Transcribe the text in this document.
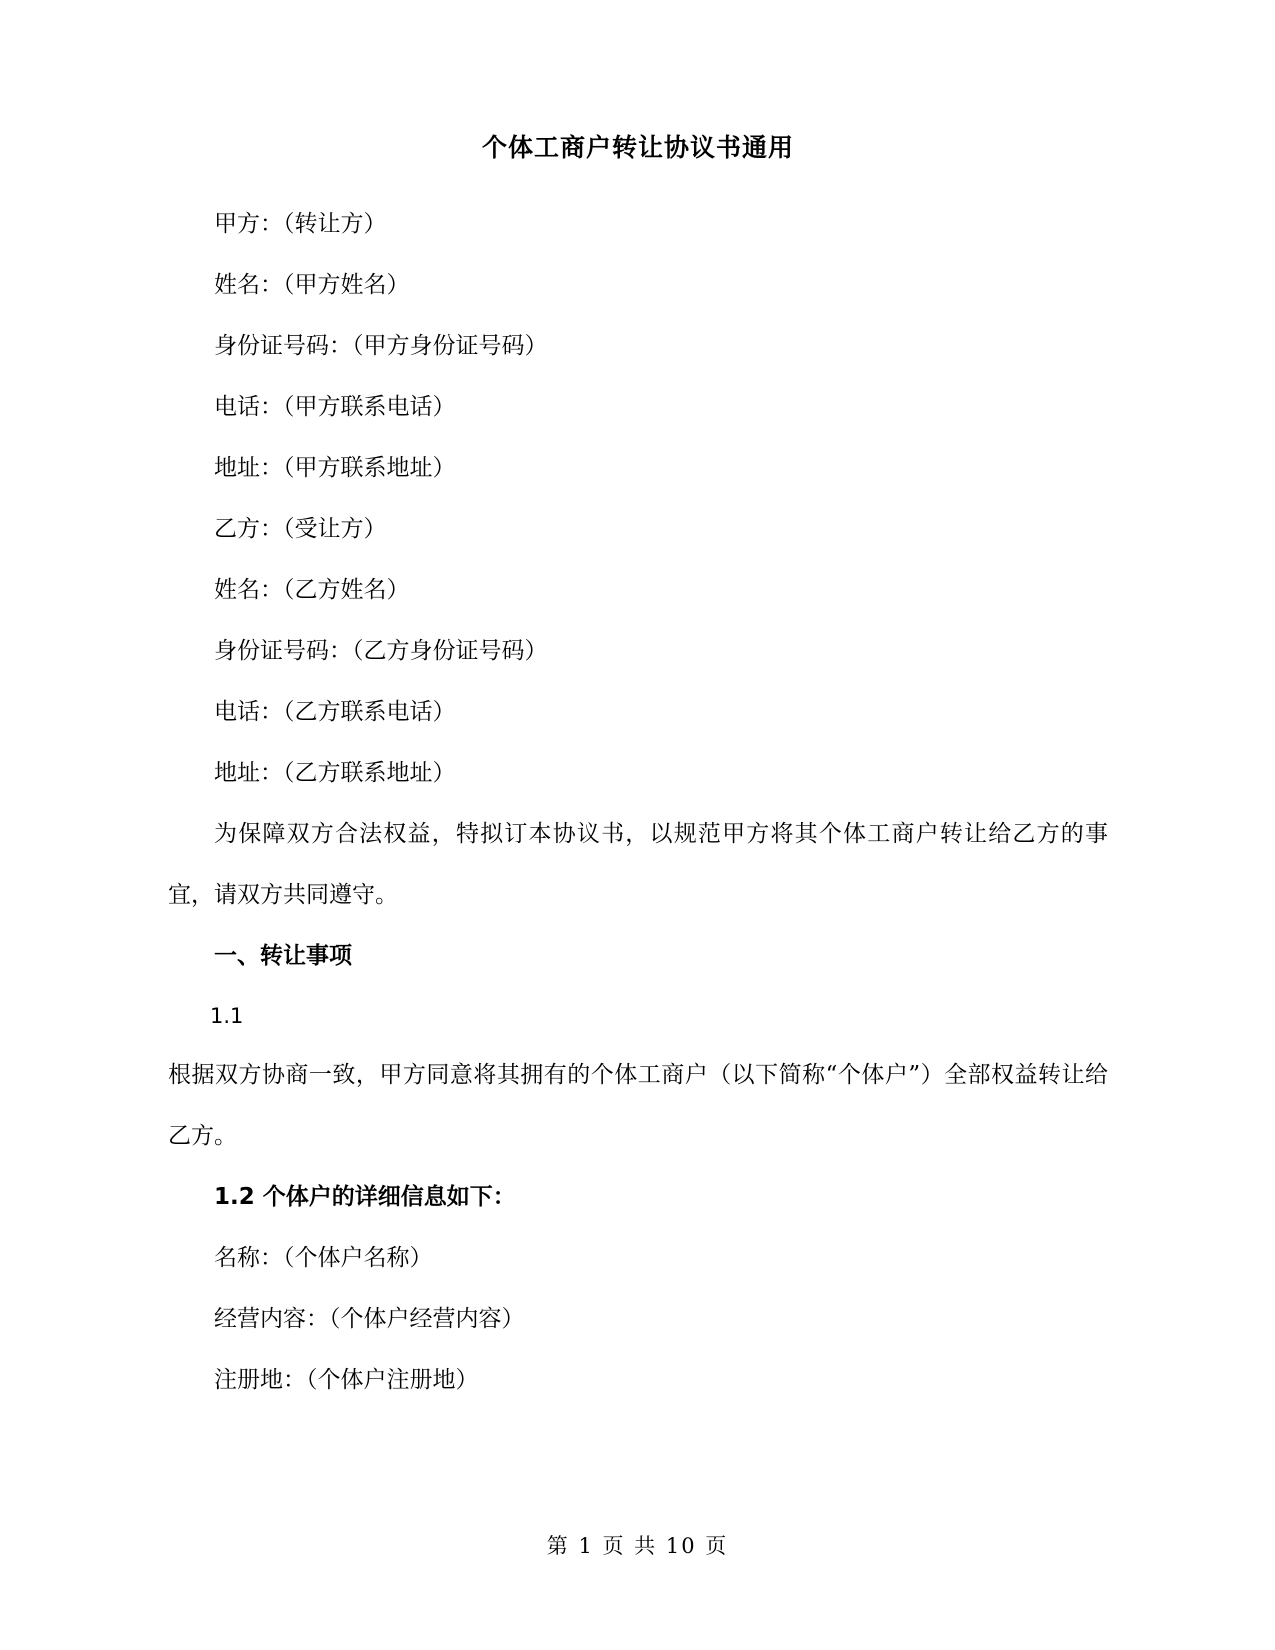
个体工商户转让协议书通用
甲方：（转让方）
姓名：（甲方姓名）
身份证号码：（甲方身份证号码）
电话：（甲方联系电话）
地址：（甲方联系地址）
乙方：（受让方）
姓名：（乙方姓名）
身份证号码：（乙方身份证号码）
电话：（乙方联系电话）
地址：（乙方联系地址）
为保障双方合法权益，特拟订本协议书，以规范甲方将其个体工商户转让给乙方的事宜，请双方共同遵守。
一、转让事项
1.1
根据双方协商一致，甲方同意将其拥有的个体工商户（以下简称“个体户”）全部权益转让给乙方。
1.2 个体户的详细信息如下：
名称：（个体户名称）
经营内容：（个体户经营内容）
注册地：（个体户注册地）
第 1 页 共 10 页
